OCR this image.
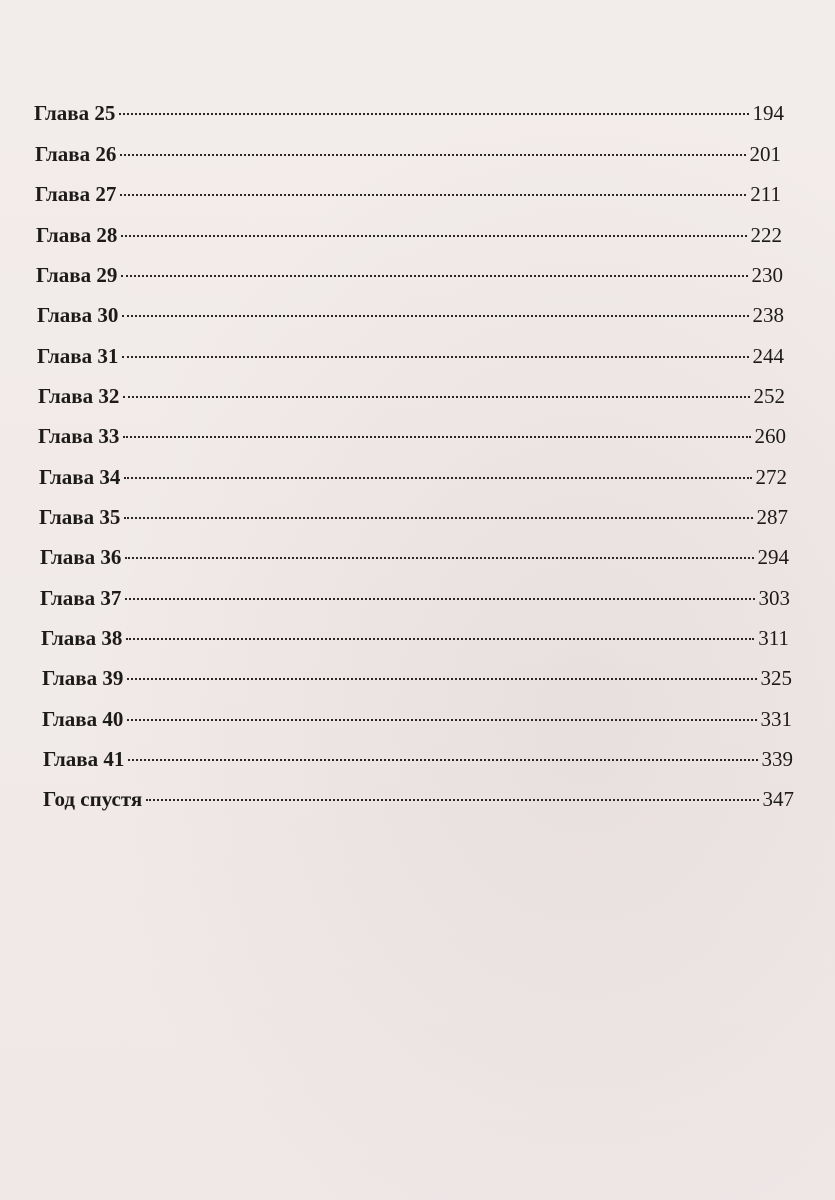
Глава 25	194
Глава 26	201
Глава 27	211
Глава 28	222
Глава 29	230
Глава 30	238
Глава 31	244
Глава 32	252
Глава 33	260
Глава 34	272
Глава 35	287
Глава 36	294
Глава 37	303
Глава 38	311
Глава 39	325
Глава 40	331
Глава 41	339
Год спустя	347
